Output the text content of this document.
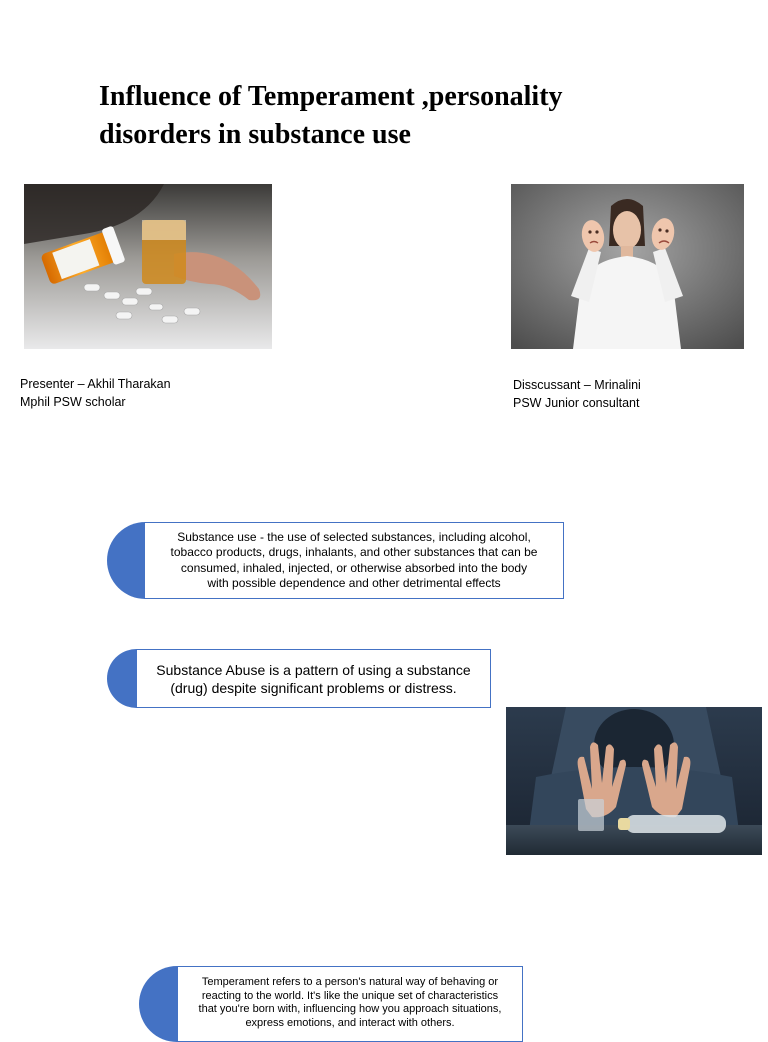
Influence of Temperament ,personality
disorders in substance use
Presenter – Akhil Tharakan
Mphil PSW scholar
Disscussant – Mrinalini
PSW Junior consultant
Substance use - the use of selected substances, including alcohol,
tobacco products, drugs, inhalants, and other substances that can be
consumed, inhaled, injected, or otherwise absorbed into the body
with possible dependence and other detrimental effects
Substance Abuse is a pattern of using a substance
(drug) despite significant problems or distress.
Temperament refers to a person's natural way of behaving or
reacting to the world. It's like the unique set of characteristics
that you're born with, influencing how you approach situations,
express emotions, and interact with others.
